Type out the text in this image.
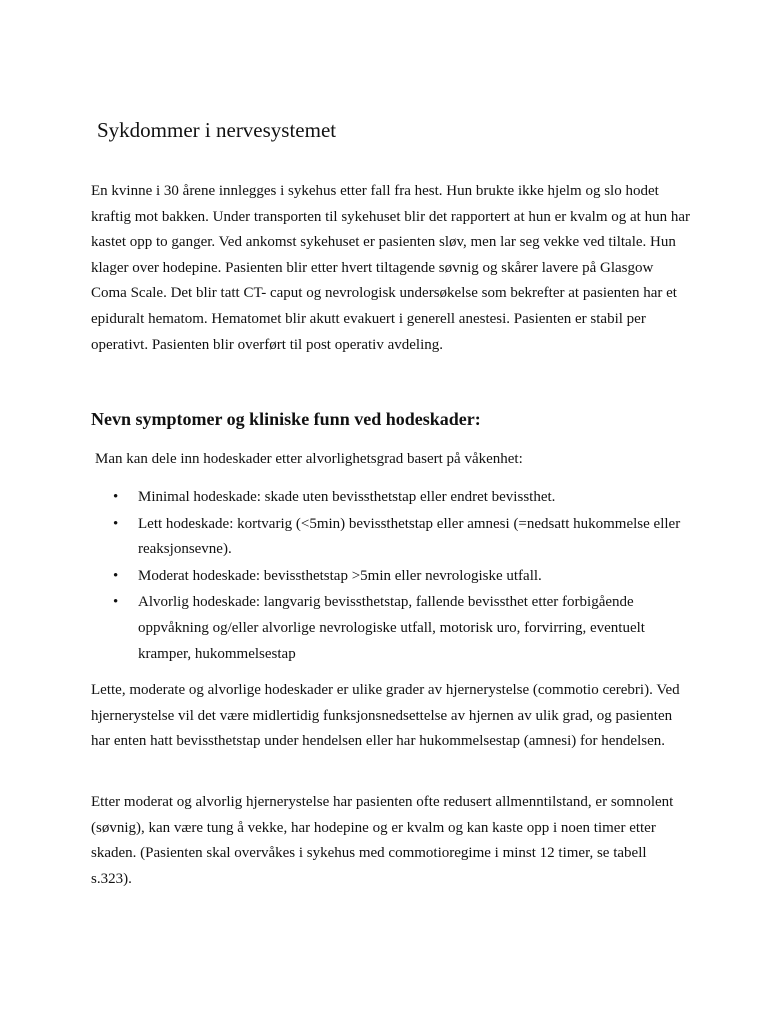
Sykdommer i nervesystemet

En kvinne i 30 årene innlegges i sykehus etter fall fra hest. Hun brukte ikke hjelm og slo hodet kraftig mot bakken. Under transporten til sykehuset blir det rapportert at hun er kvalm og at hun har kastet opp to ganger. Ved ankomst sykehuset er pasienten sløv, men lar seg vekke ved tiltale. Hun klager over hodepine. Pasienten blir etter hvert tiltagende søvnig og skårer lavere på Glasgow Coma Scale. Det blir tatt CT- caput og nevrologisk undersøkelse som bekrefter at pasienten har et epiduralt hematom. Hematomet blir akutt evakuert i generell anestesi. Pasienten er stabil per operativt. Pasienten blir overført til post operativ avdeling.

Nevn symptomer og kliniske funn ved hodeskader:

Man kan dele inn hodeskader etter alvorlighetsgrad basert på våkenhet:

• Minimal hodeskade: skade uten bevissthetstap eller endret bevissthet.
• Lett hodeskade: kortvarig (<5min) bevissthetstap eller amnesi (=nedsatt hukommelse eller reaksjonsevne).
• Moderat hodeskade: bevissthetstap >5min eller nevrologiske utfall.
• Alvorlig hodeskade: langvarig bevissthetstap, fallende bevissthet etter forbigående oppvåkning og/eller alvorlige nevrologiske utfall, motorisk uro, forvirring, eventuelt kramper, hukommelsestap

Lette, moderate og alvorlige hodeskader er ulike grader av hjernerystelse (commotio cerebri). Ved hjernerystelse vil det være midlertidig funksjonsnedsettelse av hjernen av ulik grad, og pasienten har enten hatt bevissthetstap under hendelsen eller har hukommelsestap (amnesi) for hendelsen.

Etter moderat og alvorlig hjernerystelse har pasienten ofte redusert allmenntilstand, er somnolent (søvnig), kan være tung å vekke, har hodepine og er kvalm og kan kaste opp i noen timer etter skaden. (Pasienten skal overvåkes i sykehus med commotioregime i minst 12 timer, se tabell s.323).
